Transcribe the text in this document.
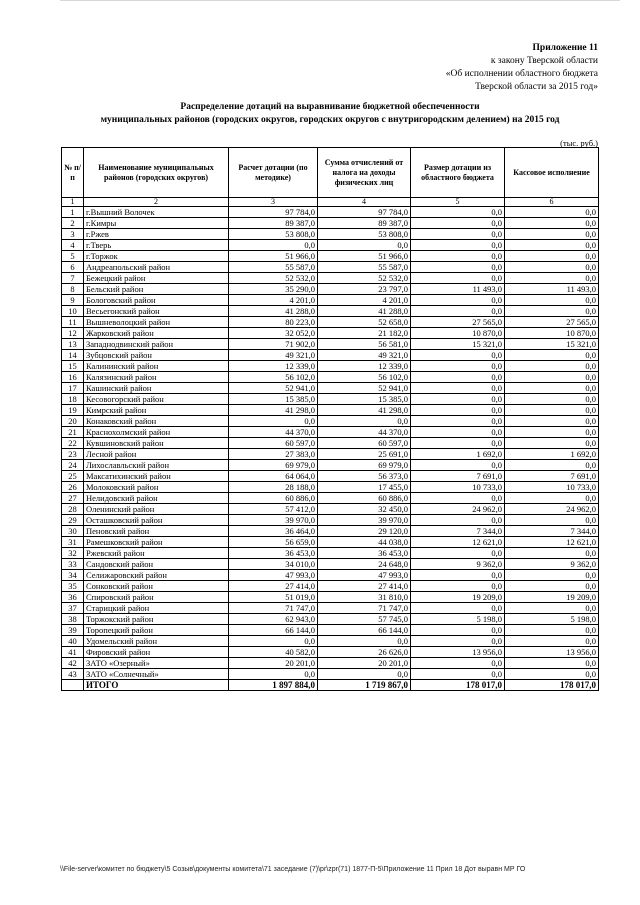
Приложение 11
к закону Тверской области
«Об исполнении областного бюджета
Тверской области за 2015 год»
Распределение дотаций на выравнивание бюджетной обеспеченности
муниципальных районов (городских округов, городских округов с внутригородским делением) на 2015 год
(тыс. руб.)
№ п/п	Наименование муниципальных районов (городских округов)	Расчет дотации (по методике)	Сумма отчислений от налога на доходы физических лиц	Размер дотации из областного бюджета	Кассовое исполнение
1	2	3	4	5	6
1	г.Вышний Волочек	97 784,0	97 784,0	0,0	0,0
2	г.Кимры	89 387,0	89 387,0	0,0	0,0
3	г.Ржев	53 808,0	53 808,0	0,0	0,0
4	г.Тверь	0,0	0,0	0,0	0,0
5	г.Торжок	51 966,0	51 966,0	0,0	0,0
6	Андреапольский район	55 587,0	55 587,0	0,0	0,0
7	Бежецкий район	52 532,0	52 532,0	0,0	0,0
8	Бельский район	35 290,0	23 797,0	11 493,0	11 493,0
9	Бологовский район	4 201,0	4 201,0	0,0	0,0
10	Весьегонский район	41 288,0	41 288,0	0,0	0,0
11	Вышневолоцкий район	80 223,0	52 658,0	27 565,0	27 565,0
12	Жарковский район	32 052,0	21 182,0	10 870,0	10 870,0
13	Западнодвинский район	71 902,0	56 581,0	15 321,0	15 321,0
14	Зубцовский район	49 321,0	49 321,0	0,0	0,0
15	Калининский район	12 339,0	12 339,0	0,0	0,0
16	Калязинский район	56 102,0	56 102,0	0,0	0,0
17	Кашинский район	52 941,0	52 941,0	0,0	0,0
18	Кесовогорский район	15 385,0	15 385,0	0,0	0,0
19	Кимрский район	41 298,0	41 298,0	0,0	0,0
20	Конаковский район	0,0	0,0	0,0	0,0
21	Краснохолмский район	44 370,0	44 370,0	0,0	0,0
22	Кувшиновский район	60 597,0	60 597,0	0,0	0,0
23	Лесной район	27 383,0	25 691,0	1 692,0	1 692,0
24	Лихославльский район	69 979,0	69 979,0	0,0	0,0
25	Максатихинский район	64 064,0	56 373,0	7 691,0	7 691,0
26	Молоковский район	28 188,0	17 455,0	10 733,0	10 733,0
27	Нелидовский район	60 886,0	60 886,0	0,0	0,0
28	Оленинский район	57 412,0	32 450,0	24 962,0	24 962,0
29	Осташковский район	39 970,0	39 970,0	0,0	0,0
30	Пеновский район	36 464,0	29 120,0	7 344,0	7 344,0
31	Рамешковский район	56 659,0	44 038,0	12 621,0	12 621,0
32	Ржевский район	36 453,0	36 453,0	0,0	0,0
33	Сандовский район	34 010,0	24 648,0	9 362,0	9 362,0
34	Селижаровский район	47 993,0	47 993,0	0,0	0,0
35	Сонковский район	27 414,0	27 414,0	0,0	0,0
36	Спировский район	51 019,0	31 810,0	19 209,0	19 209,0
37	Старицкий район	71 747,0	71 747,0	0,0	0,0
38	Торжокский район	62 943,0	57 745,0	5 198,0	5 198,0
39	Торопецкий район	66 144,0	66 144,0	0,0	0,0
40	Удомельский район	0,0	0,0	0,0	0,0
41	Фировский район	40 582,0	26 626,0	13 956,0	13 956,0
42	ЗАТО «Озерный»	20 201,0	20 201,0	0,0	0,0
43	ЗАТО «Солнечный»	0,0	0,0	0,0	0,0
	ИТОГО	1 897 884,0	1 719 867,0	178 017,0	178 017,0
\\File-server\комитет по бюджету\5 Созыв\документы комитета\71 заседание (7)\pr\zpr(71) 1877-П-5\Приложение 11 Прил 18 Дот выравн МР ГО
